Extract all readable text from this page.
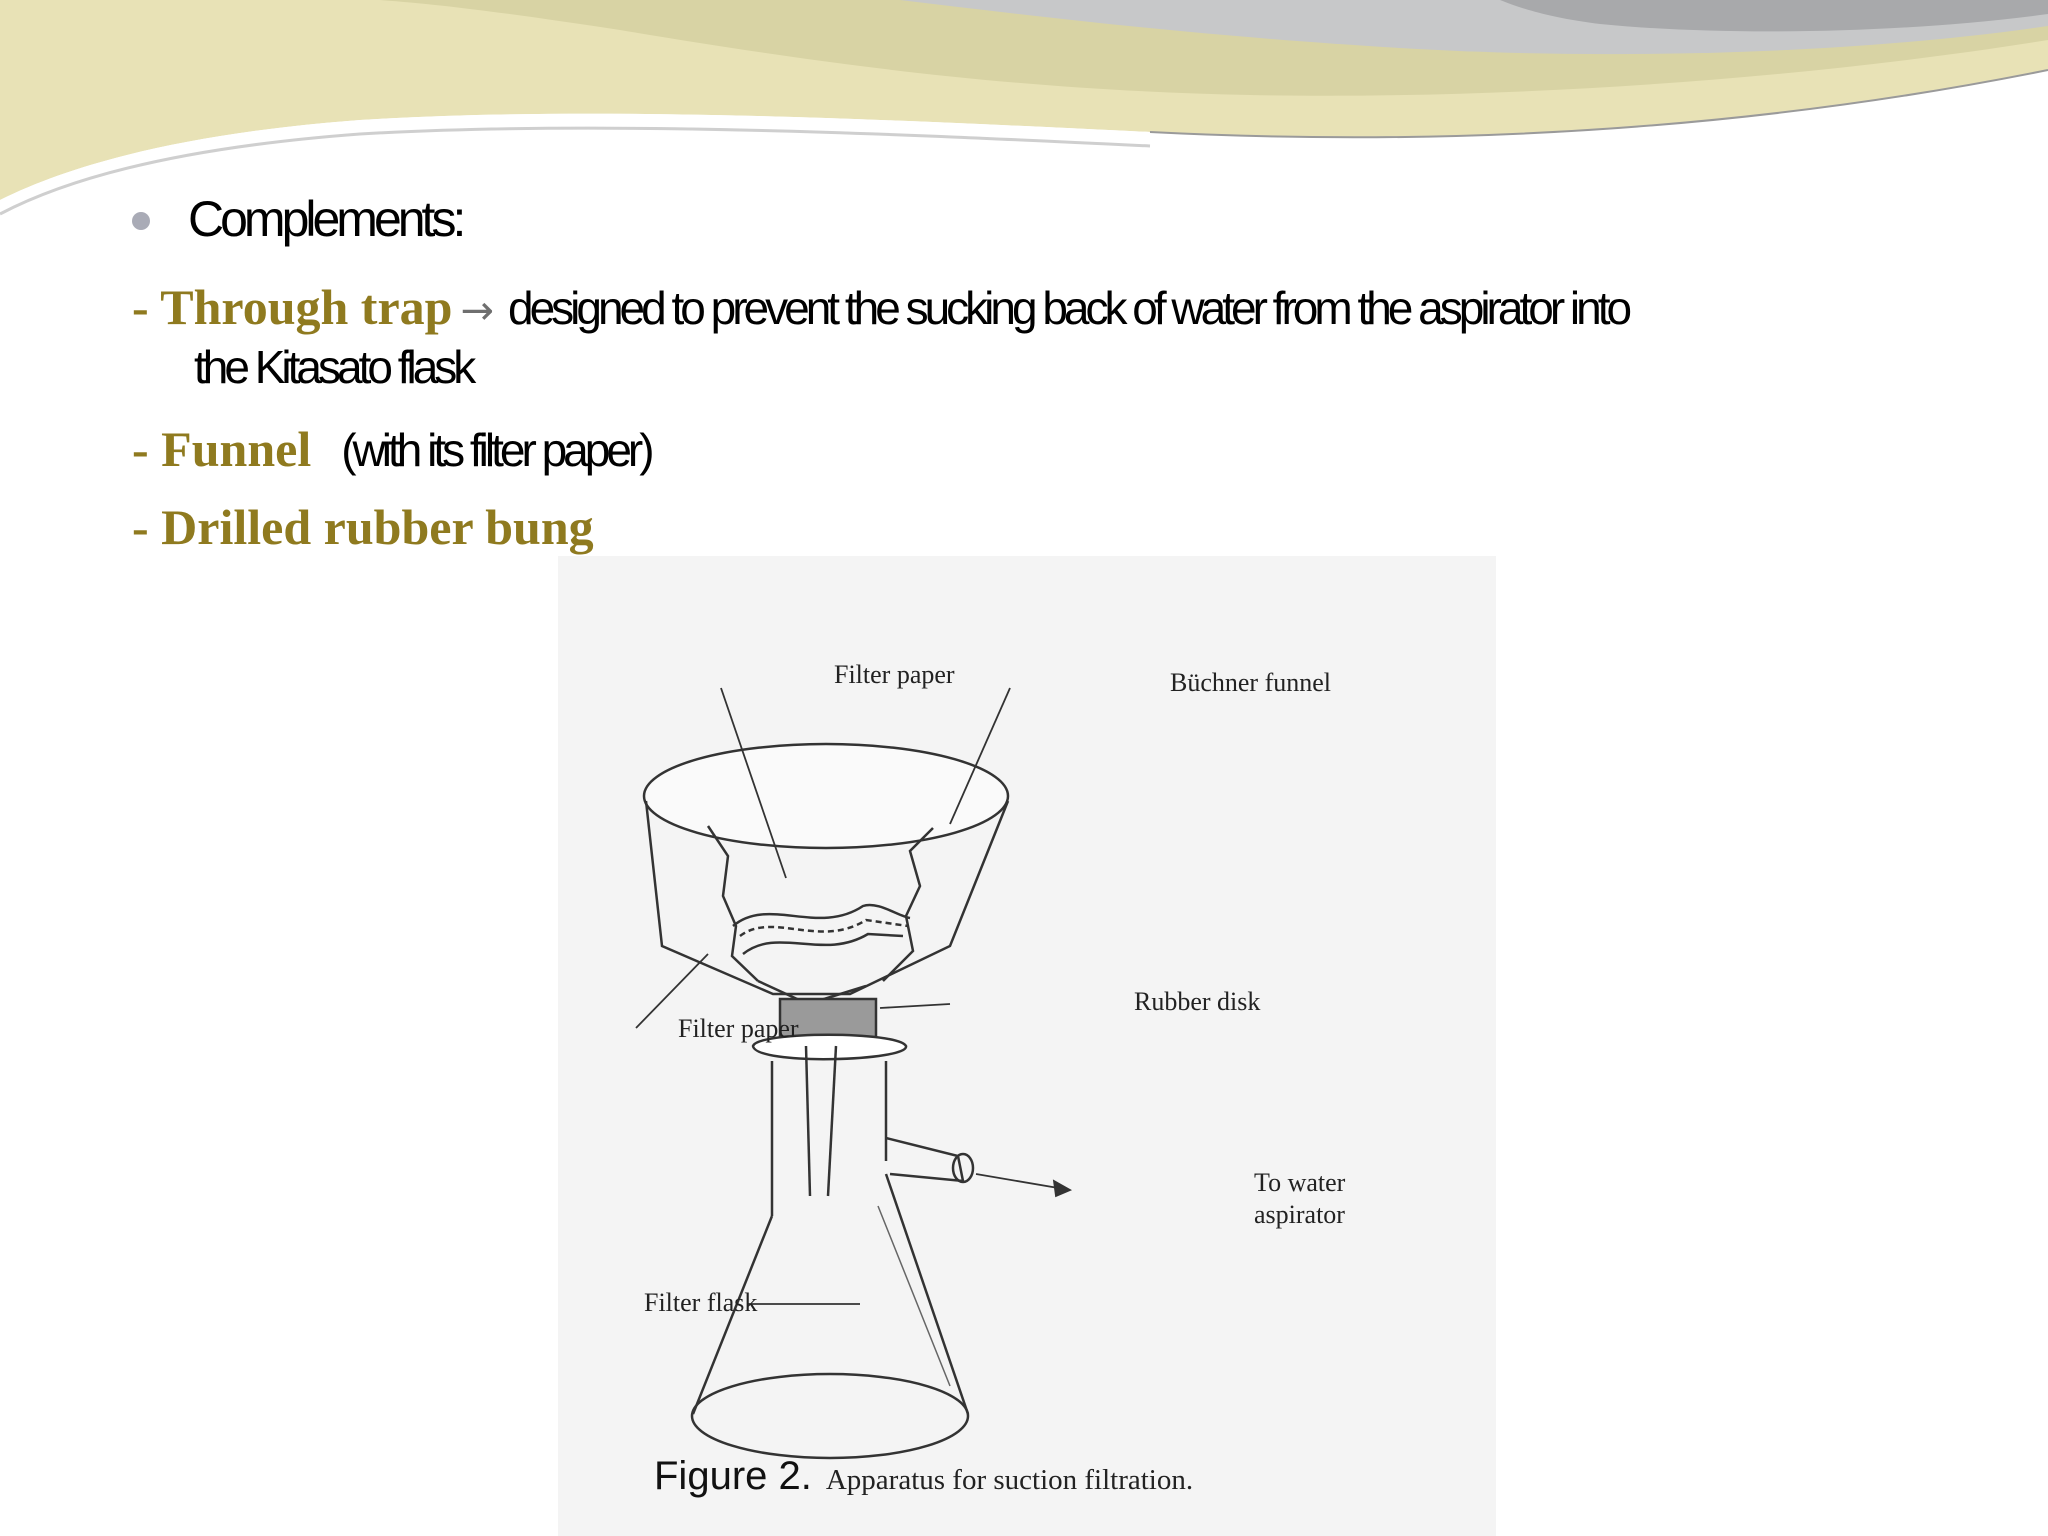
Complements:
- Through trap → designed to prevent the sucking back of water from the aspirator into
the Kitasato flask
- Funnel (with its filter paper)
- Drilled rubber bung
Filter paper	Büchner funnel
Rubber disk
Filter paper
To water
aspirator
Filter flask
Figure 2. Apparatus for suction filtration.
